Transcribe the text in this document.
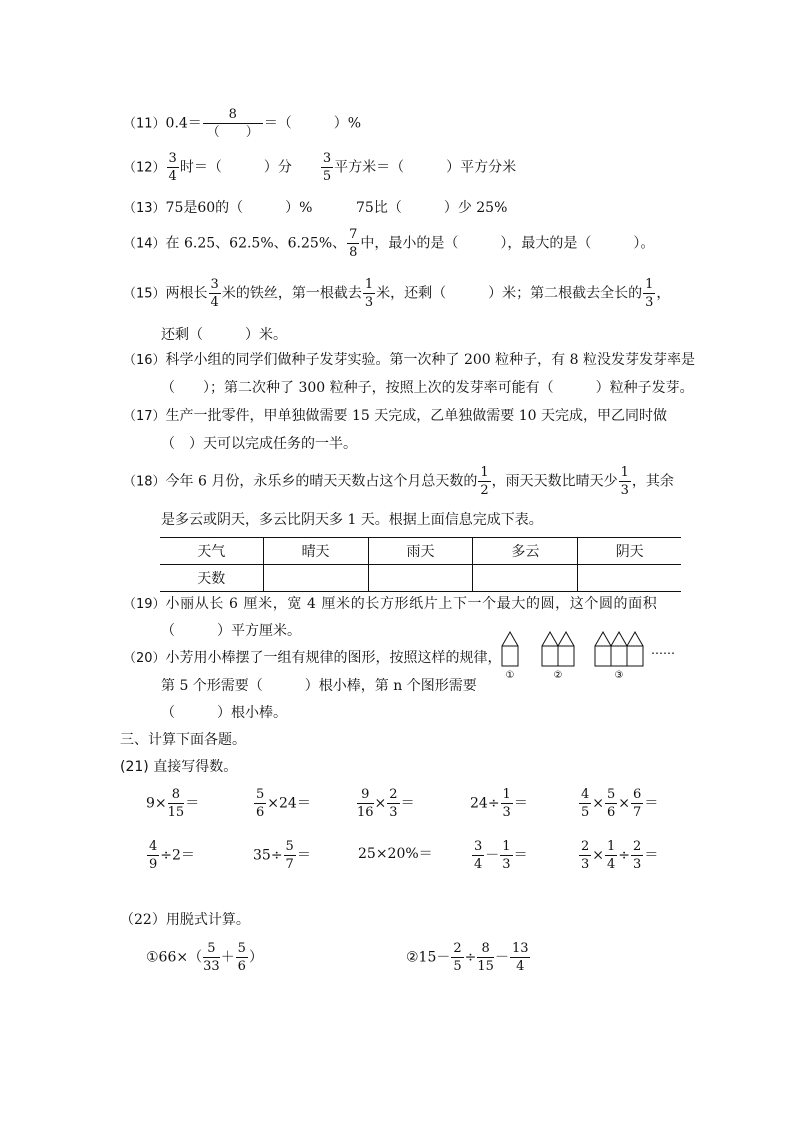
（11）0.4＝
8
（　　）
＝（　　　）%
$(12) \frac{3}{4}$ 时＝（　　　）分 $\frac{3}{5}$ 平方米＝（　　　）平方分米
（13）75是60的（　　　）%	75比（　　　）少 25%
（14）在 6.25、62.5%、6.25%、 $\frac{7}{8}$ 中，最小的是（　　　），最大的是（　　　）。
（15）两根长 $\frac{3}{4}$ 米的铁丝，第一根截去 $\frac{1}{3}$ 米，还剩（　　　）米；第二根截去全长的 $\frac{1}{3}$ ，
还剩（　　　）米。
（16）科学小组的同学们做种子发芽实验。第一次种了 200 粒种子，有 8 粒没发芽发芽率是
（　　）；第二次种了 300 粒种子，按照上次的发芽率可能有（　　　）粒种子发芽。
（17）生产一批零件，甲单独做需要 15 天完成，乙单独做需要 10 天完成，甲乙同时做
（　）天可以完成任务的一半。
（18）今年 6 月份，永乐乡的晴天天数占这个月总天数的 $\frac{1}{2}$ ，雨天天数比晴天少 $\frac{1}{3}$ ，其余
是多云或阴天，多云比阴天多 1 天。根据上面信息完成下表。
天气	晴天	雨天	多云	阴天
天数				
（19）小丽从长 6 厘米，宽 4 厘米的长方形纸片上下一个最大的圆，这个圆的面积
（　　　）平方厘米。
（20）小芳用小棒摆了一组有规律的图形，按照这样的规律，
第 5 个形需要（　　　）根小棒，第 n 个图形需要
（　　　）根小棒。
①	②	③
……
三、计算下面各题。
(21) 直接写得数。
$9\times \frac{8}{15}$ ＝	$\frac{5}{6} \times 24=$	$\frac{9}{16} \times \frac{2}{3}$ ＝	$24\div \frac{1}{3}$ ＝	$\frac{4}{5} \times \frac{5}{6} \times \frac{6}{7}$ ＝
$\frac{4}{9} \div 2=$	$35\div \frac{5}{7}$ ＝	25×20%＝	$\frac{3}{4} - \frac{1}{3}$ ＝	$\frac{2}{3} \times \frac{1}{4} \div \frac{2}{3}$ ＝
（22）用脱式计算。
①66×（ $\frac{5}{33} + \frac{5}{6}$ ）	②15－ $\frac{2}{5} \div \frac{8}{15} - \frac{13}{4}$
